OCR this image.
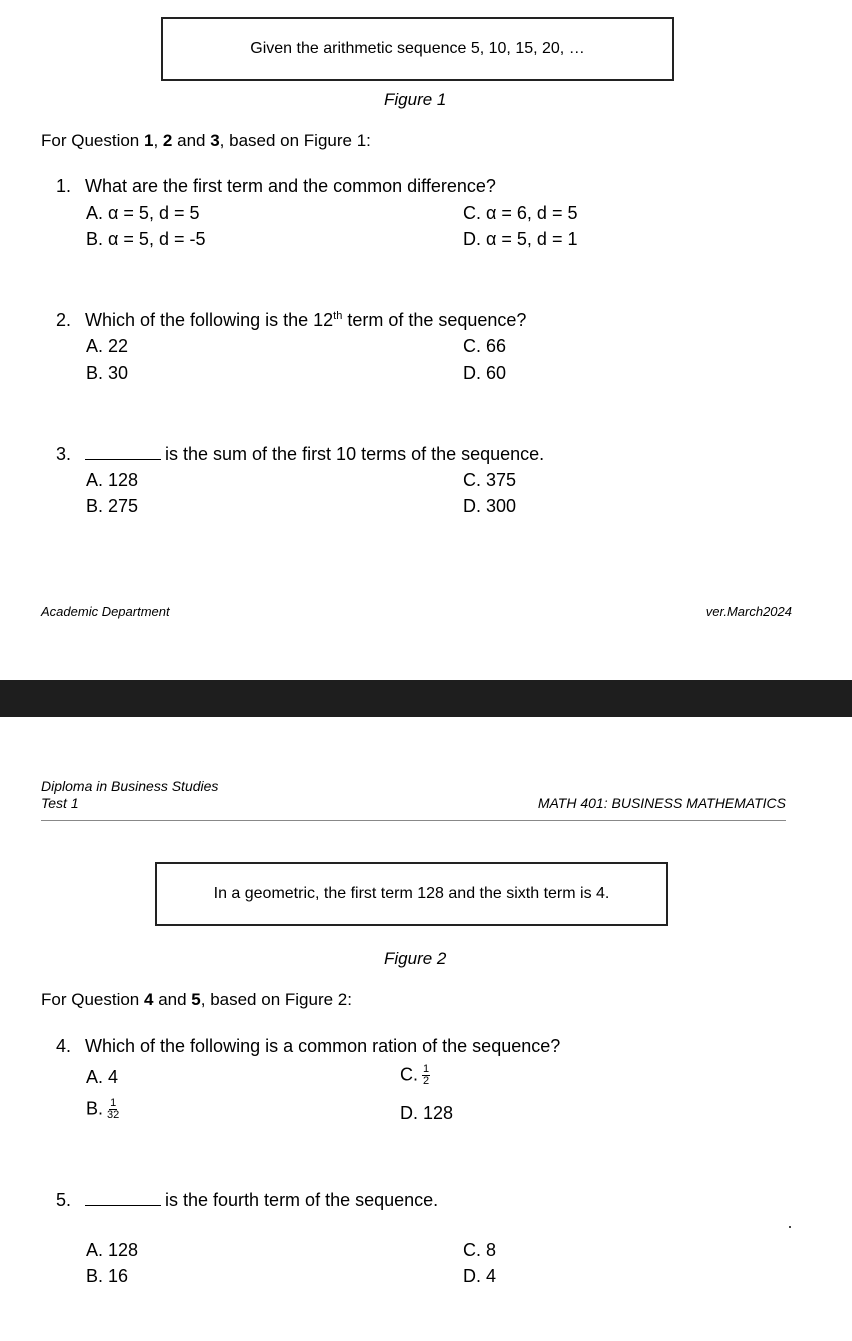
Given the arithmetic sequence 5, 10, 15, 20, …
Figure 1
For Question 1, 2 and 3, based on Figure 1:
1. What are the first term and the common difference?
A. α = 5, d = 5
B. α = 5, d = -5
C. α = 6, d = 5
D. α = 5, d = 1
2. Which of the following is the 12th term of the sequence?
A. 22
B. 30
C. 66
D. 60
3.	is the sum of the first 10 terms of the sequence.
A. 128
B. 275
C. 375
D. 300
Academic Department	ver.March2024
Diploma in Business Studies
Test 1	MATH 401: BUSINESS MATHEMATICS
In a geometric, the first term 128 and the sixth term is 4.
Figure 2
For Question 4 and 5, based on Figure 2:
4. Which of the following is a common ration of the sequence?
A. 4
B. $\frac{1}{32}$
C. $\frac{1}{2}$
D. 128
5.	is the fourth term of the sequence.
A. 128
B. 16
C. 8
D. 4
